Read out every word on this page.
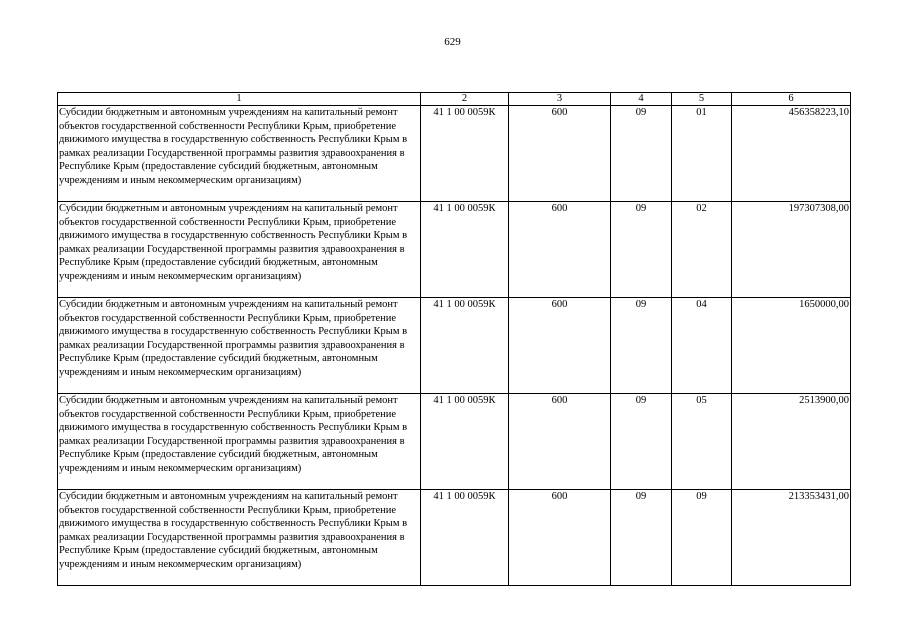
629
1	2	3	4	5	6
Субсидии бюджетным и автономным учреждениям на капитальный ремонт объектов государственной собственности Республики Крым, приобретение движимого имущества в государственную собственность Республики Крым в рамках реализации Государственной программы развития здравоохранения в Республике Крым (предоставление субсидий бюджетным, автономным учреждениям и иным некоммерческим организациям)	41 1 00 0059К	600	09	01	456358223,10
Субсидии бюджетным и автономным учреждениям на капитальный ремонт объектов государственной собственности Республики Крым, приобретение движимого имущества в государственную собственность Республики Крым в рамках реализации Государственной программы развития здравоохранения в Республике Крым (предоставление субсидий бюджетным, автономным учреждениям и иным некоммерческим организациям)	41 1 00 0059К	600	09	02	197307308,00
Субсидии бюджетным и автономным учреждениям на капитальный ремонт объектов государственной собственности Республики Крым, приобретение движимого имущества в государственную собственность Республики Крым в рамках реализации Государственной программы развития здравоохранения в Республике Крым (предоставление субсидий бюджетным, автономным учреждениям и иным некоммерческим организациям)	41 1 00 0059К	600	09	04	1650000,00
Субсидии бюджетным и автономным учреждениям на капитальный ремонт объектов государственной собственности Республики Крым, приобретение движимого имущества в государственную собственность Республики Крым в рамках реализации Государственной программы развития здравоохранения в Республике Крым (предоставление субсидий бюджетным, автономным учреждениям и иным некоммерческим организациям)	41 1 00 0059К	600	09	05	2513900,00
Субсидии бюджетным и автономным учреждениям на капитальный ремонт объектов государственной собственности Республики Крым, приобретение движимого имущества в государственную собственность Республики Крым в рамках реализации Государственной программы развития здравоохранения в Республике Крым (предоставление субсидий бюджетным, автономным учреждениям и иным некоммерческим организациям)	41 1 00 0059К	600	09	09	213353431,00
